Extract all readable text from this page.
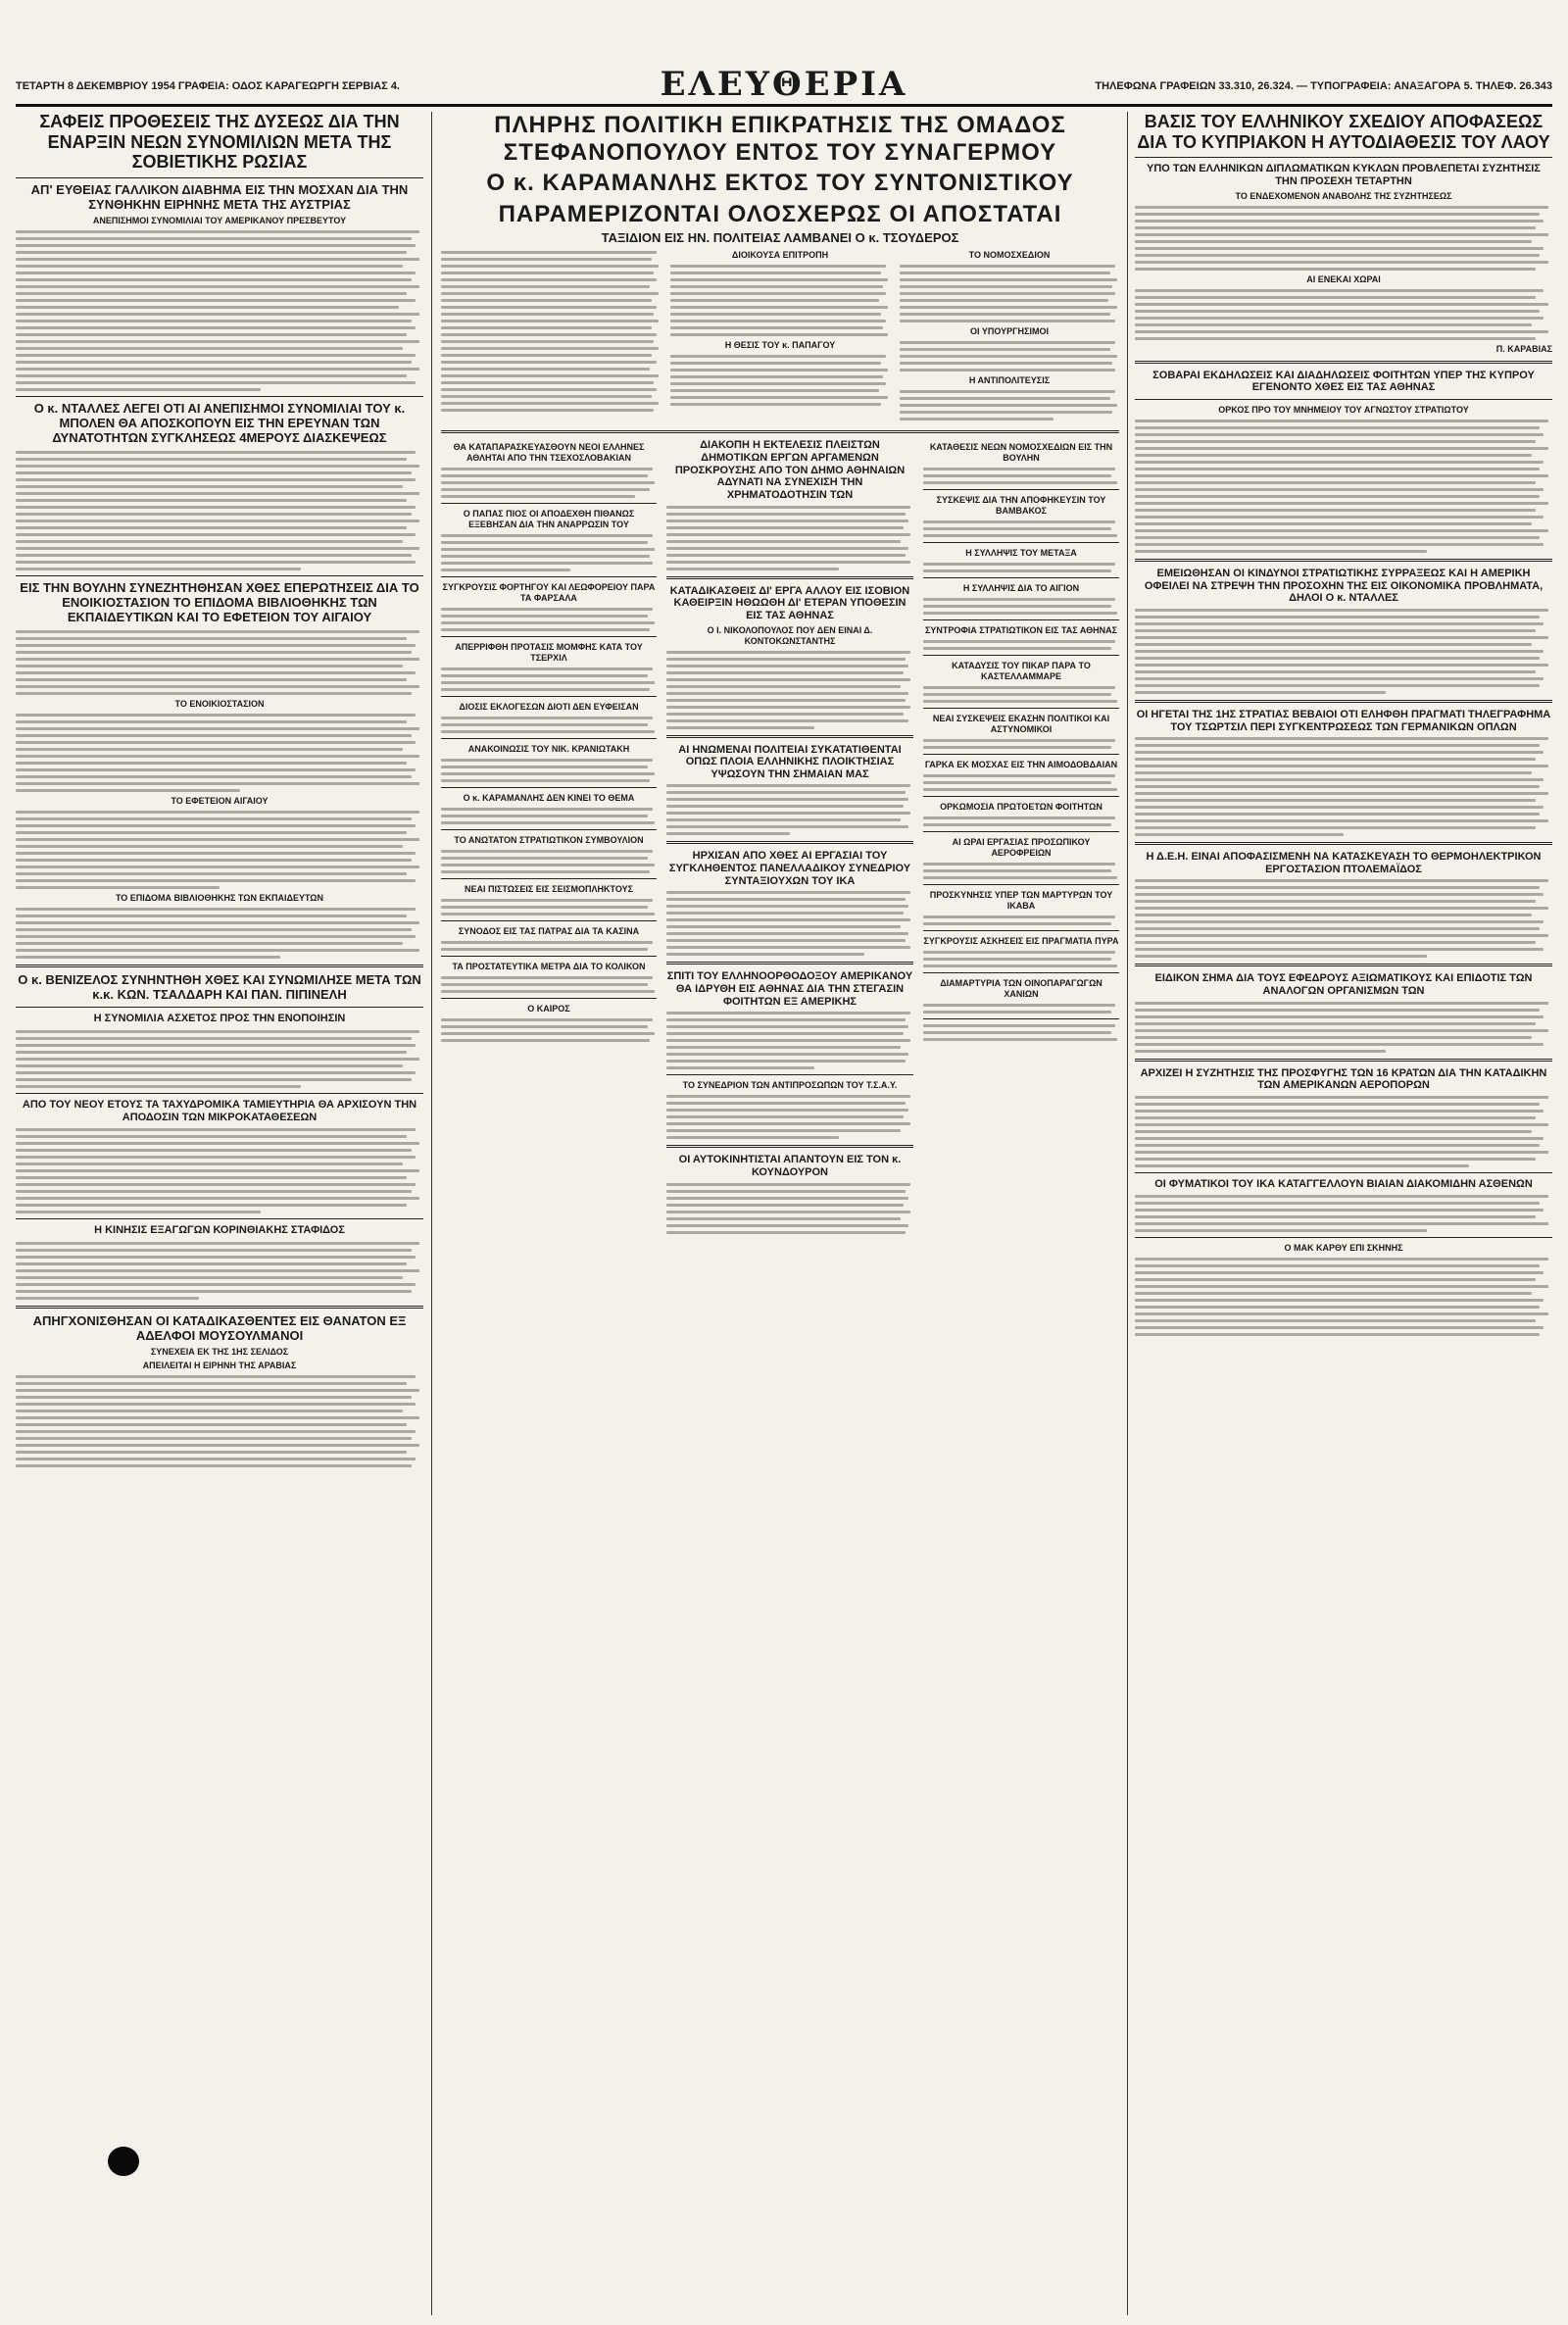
ΕΛΕΥΘΕΡΙΑ
ΤΕΤΑΡΤΗ 8 ΔΕΚΕΜΒΡΙΟΥ 1954 ΓΡΑΦΕΙΑ: ΟΔΟΣ ΚΑΡΑΓΕΩΡΓΗ ΣΕΡΒΙΑΣ 4.	ΤΗΛΕΦΩΝΑ ΓΡΑΦΕΙΩΝ 33.310, 26.324. — ΤΥΠΟΓΡΑΦΕΙΑ: ΑΝΑΞΑΓΟΡΑ 5. ΤΗΛΕΦ. 26.343
ΣΑΦΕΙΣ ΠΡΟΘΕΣΕΙΣ ΤΗΣ ΔΥΣΕΩΣ ΔΙΑ ΤΗΝ ΕΝΑΡΞΙΝ ΝΕΩΝ ΣΥΝΟΜΙΛΙΩΝ ΜΕΤΑ ΤΗΣ ΣΟΒΙΕΤΙΚΗΣ ΡΩΣΙΑΣ
ΑΠ' ΕΥΘΕΙΑΣ ΓΑΛΛΙΚΟΝ ΔΙΑΒΗΜΑ ΕΙΣ ΤΗΝ ΜΟΣΧΑΝ ΔΙΑ ΤΗΝ ΣΥΝΘΗΚΗΝ ΕΙΡΗΝΗΣ ΜΕΤΑ ΤΗΣ ΑΥΣΤΡΙΑΣ
ΑΝΕΠΙΣΗΜΟΙ ΣΥΝΟΜΙΛΙΑΙ ΤΟΥ ΑΜΕΡΙΚΑΝΟΥ ΠΡΕΣΒΕΥΤΟΥ
Ο κ. ΝΤΑΛΛΕΣ ΛΕΓΕΙ ΟΤΙ ΑΙ ΑΝΕΠΙΣΗΜΟΙ ΣΥΝΟΜΙΛΙΑΙ ΤΟΥ κ. ΜΠΟΛΕΝ ΘΑ ΑΠΟΣΚΟΠΟΥΝ ΕΙΣ ΤΗΝ ΕΡΕΥΝΑΝ ΤΩΝ ΔΥΝΑΤΟΤΗΤΩΝ ΣΥΓΚΛΗΣΕΩΣ 4ΜΕΡΟΥΣ ΔΙΑΣΚΕΨΕΩΣ
ΕΙΣ ΤΗΝ ΒΟΥΛΗΝ ΣΥΝΕΖΗΤΗΘΗΣΑΝ ΧΘΕΣ ΕΠΕΡΩΤΗΣΕΙΣ ΔΙΑ ΤΟ ΕΝΟΙΚΙΟΣΤΑΣΙΟΝ ΤΟ ΕΠΙΔΟΜΑ ΒΙΒΛΙΟΘΗΚΗΣ ΤΩΝ ΕΚΠΑΙΔΕΥΤΙΚΩΝ ΚΑΙ ΤΟ ΕΦΕΤΕΙΟΝ ΤΟΥ ΑΙΓΑΙΟΥ
ΤΟ ΕΝΟΙΚΙΟΣΤΑΣΙΟΝ
ΤΟ ΕΦΕΤΕΙΟΝ ΑΙΓΑΙΟΥ
ΤΟ ΕΠΙΔΟΜΑ ΒΙΒΛΙΟΘΗΚΗΣ ΤΩΝ ΕΚΠΑΙΔΕΥΤΩΝ
Ο κ. ΒΕΝΙΖΕΛΟΣ ΣΥΝΗΝΤΗΘΗ ΧΘΕΣ ΚΑΙ ΣΥΝΩΜΙΛΗΣΕ ΜΕΤΑ ΤΩΝ κ.κ. ΚΩΝ. ΤΣΑΛΔΑΡΗ ΚΑΙ ΠΑΝ. ΠΙΠΙΝΕΛΗ
Η ΣΥΝΟΜΙΛΙΑ ΑΣΧΕΤΟΣ ΠΡΟΣ ΤΗΝ ΕΝΟΠΟΙΗΣΙΝ
ΑΠΟ ΤΟΥ ΝΕΟΥ ΕΤΟΥΣ ΤΑ ΤΑΧΥΔΡΟΜΙΚΑ ΤΑΜΙΕΥΤΗΡΙΑ ΘΑ ΑΡΧΙΣΟΥΝ ΤΗΝ ΑΠΟΔΟΣΙΝ ΤΩΝ ΜΙΚΡΟΚΑΤΑΘΕΣΕΩΝ
Η ΚΙΝΗΣΙΣ ΕΞΑΓΩΓΩΝ ΚΟΡΙΝΘΙΑΚΗΣ ΣΤΑΦΙΔΟΣ
ΑΠΗΓΧΟΝΙΣΘΗΣΑΝ ΟΙ ΚΑΤΑΔΙΚΑΣΘΕΝΤΕΣ ΕΙΣ ΘΑΝΑΤΟΝ ΕΞ ΑΔΕΛΦΟΙ ΜΟΥΣΟΥΛΜΑΝΟΙ
ΣΥΝΕΧΕΙΑ ΕΚ ΤΗΣ 1ΗΣ ΣΕΛΙΔΟΣ
ΑΠΕΙΛΕΙΤΑΙ Η ΕΙΡΗΝΗ ΤΗΣ ΑΡΑΒΙΑΣ
ΠΛΗΡΗΣ ΠΟΛΙΤΙΚΗ ΕΠΙΚΡΑΤΗΣΙΣ ΤΗΣ ΟΜΑΔΟΣ ΣΤΕΦΑΝΟΠΟΥΛΟΥ ΕΝΤΟΣ ΤΟΥ ΣΥΝΑΓΕΡΜΟΥ
Ο κ. ΚΑΡΑΜΑΝΛΗΣ ΕΚΤΟΣ ΤΟΥ ΣΥΝΤΟΝΙΣΤΙΚΟΥ
ΠΑΡΑΜΕΡΙΖΟΝΤΑΙ ΟΛΟΣΧΕΡΩΣ ΟΙ ΑΠΟΣΤΑΤΑΙ
ΤΑΞΙΔΙΟΝ ΕΙΣ ΗΝ. ΠΟΛΙΤΕΙΑΣ ΛΑΜΒΑΝΕΙ Ο κ. ΤΣΟΥΔΕΡΟΣ
ΔΙΟΙΚΟΥΣΑ ΕΠΙΤΡΟΠΗ
Η ΘΕΣΙΣ ΤΟΥ κ. ΠΑΠΑΓΟΥ
ΤΟ ΝΟΜΟΣΧΕΔΙΟΝ
ΟΙ ΥΠΟΥΡΓΗΣΙΜΟΙ
Η ΑΝΤΙΠΟΛΙΤΕΥΣΙΣ
ΘΑ ΚΑΤΑΠΑΡΑΣΚΕΥΑΣΘΟΥΝ ΝΕΟΙ ΕΛΛΗΝΕΣ ΑΘΛΗΤΑΙ ΑΠΟ ΤΗΝ ΤΣΕΧΟΣΛΟΒΑΚΙΑΝ
Ο ΠΑΠΑΣ ΠΙΟΣ ΟΙ ΑΠΟΔΕΧΘΗ ΠΙΘΑΝΩΣ ΕΞΕΒΗΣΑΝ ΔΙΑ ΤΗΝ ΑΝΑΡΡΩΣΙΝ ΤΟΥ
ΣΥΓΚΡΟΥΣΙΣ ΦΟΡΤΗΓΟΥ ΚΑΙ ΛΕΩΦΟΡΕΙΟΥ ΠΑΡΑ ΤΑ ΦΑΡΣΑΛΑ
ΑΠΕΡΡΙΦΘΗ ΠΡΟΤΑΣΙΣ ΜΟΜΦΗΣ ΚΑΤΑ ΤΟΥ ΤΣΕΡΧΙΛ
ΔΙΟΣΙΣ ΕΚΛΟΓΕΣΩΝ ΔΙΟΤΙ ΔΕΝ ΕΥΦΕΙΣΑΝ
ΑΝΑΚΟΙΝΩΣΙΣ ΤΟΥ ΝΙΚ. ΚΡΑΝΙΩΤΑΚΗ
Ο κ. ΚΑΡΑΜΑΝΛΗΣ ΔΕΝ ΚΙΝΕΙ ΤΟ ΘΕΜΑ
ΤΟ ΑΝΩΤΑΤΟΝ ΣΤΡΑΤΙΩΤΙΚΟΝ ΣΥΜΒΟΥΛΙΟΝ
ΝΕΑΙ ΠΙΣΤΩΣΕΙΣ ΕΙΣ ΣΕΙΣΜΟΠΛΗΚΤΟΥΣ
ΣΥΝΟΔΟΣ ΕΙΣ ΤΑΣ ΠΑΤΡΑΣ ΔΙΑ ΤΑ ΚΑΣΙΝΑ
ΤΑ ΠΡΟΣΤΑΤΕΥΤΙΚΑ ΜΕΤΡΑ ΔΙΑ ΤΟ ΚΟΛΙΚΟΝ
Ο ΚΑΙΡΟΣ
ΔΙΑΚΟΠΗ Η ΕΚΤΕΛΕΣΙΣ ΠΛΕΙΣΤΩΝ ΔΗΜΟΤΙΚΩΝ ΕΡΓΩΝ ΑΡΓΑΜΕΝΩΝ ΠΡΟΣΚΡΟΥΣΗΣ ΑΠΟ ΤΟΝ ΔΗΜΟ ΑΘΗΝΑΙΩΝ ΑΔΥΝΑΤΙ ΝΑ ΣΥΝΕΧΙΣΗ ΤΗΝ ΧΡΗΜΑΤΟΔΟΤΗΣΙΝ ΤΩΝ
ΚΑΤΑΔΙΚΑΣΘΕΙΣ ΔΙ' ΕΡΓΑ ΑΛΛΟΥ ΕΙΣ ΙΣΟΒΙΟΝ ΚΑΘΕΙΡΞΙΝ ΗΘΩΩΘΗ ΔΙ' ΕΤΕΡΑΝ ΥΠΟΘΕΣΙΝ ΕΙΣ ΤΑΣ ΑΘΗΝΑΣ
Ο Ι. ΝΙΚΟΛΟΠΟΥΛΟΣ ΠΟΥ ΔΕΝ ΕΙΝΑΙ Δ. ΚΟΝΤΟΚΩΝΣΤΑΝΤΗΣ
ΑΙ ΗΝΩΜΕΝΑΙ ΠΟΛΙΤΕΙΑΙ ΣΥΚΑΤΑΤΙΘΕΝΤΑΙ ΟΠΩΣ ΠΛΟΙΑ ΕΛΛΗΝΙΚΗΣ ΠΛΟΙΚΤΗΣΙΑΣ ΥΨΩΣΟΥΝ ΤΗΝ ΣΗΜΑΙΑΝ ΜΑΣ
ΗΡΧΙΣΑΝ ΑΠΟ ΧΘΕΣ ΑΙ ΕΡΓΑΣΙΑΙ ΤΟΥ ΣΥΓΚΛΗΘΕΝΤΟΣ ΠΑΝΕΛΛΑΔΙΚΟΥ ΣΥΝΕΔΡΙΟΥ ΣΥΝΤΑΞΙΟΥΧΩΝ ΤΟΥ ΙΚΑ
ΣΠΙΤΙ ΤΟΥ ΕΛΛΗΝΟΟΡΘΟΔΟΞΟΥ ΑΜΕΡΙΚΑΝΟΥ ΘΑ ΙΔΡΥΘΗ ΕΙΣ ΑΘΗΝΑΣ ΔΙΑ ΤΗΝ ΣΤΕΓΑΣΙΝ ΦΟΙΤΗΤΩΝ ΕΞ ΑΜΕΡΙΚΗΣ
ΤΟ ΣΥΝΕΔΡΙΟΝ ΤΩΝ ΑΝΤΙΠΡΟΣΩΠΩΝ ΤΟΥ Τ.Σ.Α.Υ.
ΟΙ ΑΥΤΟΚΙΝΗΤΙΣΤΑΙ ΑΠΑΝΤΟΥΝ ΕΙΣ ΤΟΝ κ. ΚΟΥΝΔΟΥΡΟΝ
ΚΑΤΑΘΕΣΙΣ ΝΕΩΝ ΝΟΜΟΣΧΕΔΙΩΝ ΕΙΣ ΤΗΝ ΒΟΥΛΗΝ
ΣΥΣΚΕΨΙΣ ΔΙΑ ΤΗΝ ΑΠΟΦΗΚΕΥΣΙΝ ΤΟΥ ΒΑΜΒΑΚΟΣ
Η ΣΥΛΛΗΨΙΣ ΤΟΥ ΜΕΤΑΞΑ
Η ΣΥΛΛΗΨΙΣ ΔΙΑ ΤΟ ΑΙΓΙΟΝ
ΣΥΝΤΡΟΦΙΑ ΣΤΡΑΤΙΩΤΙΚΟΝ ΕΙΣ ΤΑΣ ΑΘΗΝΑΣ
ΚΑΤΑΔΥΣΙΣ ΤΟΥ ΠΙΚΑΡ ΠΑΡΑ ΤΟ ΚΑΣΤΕΛΛΑΜΜΑΡΕ
ΝΕΑΙ ΣΥΣΚΕΨΕΙΣ ΕΚΑΣΗΝ ΠΟΛΙΤΙΚΟΙ ΚΑΙ ΑΣΤΥΝΟΜΙΚΟΙ
ΓΑΡΚΑ ΕΚ ΜΟΣΧΑΣ ΕΙΣ ΤΗΝ ΑΙΜΟΔΟΒΔΑΙΑΝ
ΟΡΚΩΜΟΣΙΑ ΠΡΩΤΟΕΤΩΝ ΦΟΙΤΗΤΩΝ
ΑΙ ΩΡΑΙ ΕΡΓΑΣΙΑΣ ΠΡΟΣΩΠΙΚΟΥ ΑΕΡΟΦΡΕΙΩΝ
ΠΡΟΣΚΥΝΗΣΙΣ ΥΠΕΡ ΤΩΝ ΜΑΡΤΥΡΩΝ ΤΟΥ ΙΚΑΒΑ
ΣΥΓΚΡΟΥΣΙΣ ΑΣΚΗΣΕΙΣ ΕΙΣ ΠΡΑΓΜΑΤΙΑ ΠΥΡΑ
ΔΙΑΜΑΡΤΥΡΙΑ ΤΩΝ ΟΙΝΟΠΑΡΑΓΩΓΩΝ ΧΑΝΙΩΝ
ΒΑΣΙΣ ΤΟΥ ΕΛΛΗΝΙΚΟΥ ΣΧΕΔΙΟΥ ΑΠΟΦΑΣΕΩΣ ΔΙΑ ΤΟ ΚΥΠΡΙΑΚΟΝ Η ΑΥΤΟΔΙΑΘΕΣΙΣ ΤΟΥ ΛΑΟΥ
ΥΠΟ ΤΩΝ ΕΛΛΗΝΙΚΩΝ ΔΙΠΛΩΜΑΤΙΚΩΝ ΚΥΚΛΩΝ ΠΡΟΒΛΕΠΕΤΑΙ ΣΥΖΗΤΗΣΙΣ ΤΗΝ ΠΡΟΣΕΧΗ ΤΕΤΑΡΤΗΝ
ΤΟ ΕΝΔΕΧΟΜΕΝΟΝ ΑΝΑΒΟΛΗΣ ΤΗΣ ΣΥΖΗΤΗΣΕΩΣ
ΑΙ ΕΝΕΚΑΙ ΧΩΡΑΙ
Π. ΚΑΡΑΒΙΑΣ
ΣΟΒΑΡΑΙ ΕΚΔΗΛΩΣΕΙΣ ΚΑΙ ΔΙΑΔΗΛΩΣΕΙΣ ΦΟΙΤΗΤΩΝ ΥΠΕΡ ΤΗΣ ΚΥΠΡΟΥ ΕΓΕΝΟΝΤΟ ΧΘΕΣ ΕΙΣ ΤΑΣ ΑΘΗΝΑΣ
ΟΡΚΟΣ ΠΡΟ ΤΟΥ ΜΝΗΜΕΙΟΥ ΤΟΥ ΑΓΝΩΣΤΟΥ ΣΤΡΑΤΙΩΤΟΥ
ΕΜΕΙΩΘΗΣΑΝ ΟΙ ΚΙΝΔΥΝΟΙ ΣΤΡΑΤΙΩΤΙΚΗΣ ΣΥΡΡΑΞΕΩΣ ΚΑΙ Η ΑΜΕΡΙΚΗ ΟΦΕΙΛΕΙ ΝΑ ΣΤΡΕΨΗ ΤΗΝ ΠΡΟΣΟΧΗΝ ΤΗΣ ΕΙΣ ΟΙΚΟΝΟΜΙΚΑ ΠΡΟΒΛΗΜΑΤΑ, ΔΗΛΟΙ Ο κ. ΝΤΑΛΛΕΣ
ΟΙ ΗΓΕΤΑΙ ΤΗΣ 1ΗΣ ΣΤΡΑΤΙΑΣ ΒΕΒΑΙΟΙ ΟΤΙ ΕΛΗΦΘΗ ΠΡΑΓΜΑΤΙ ΤΗΛΕΓΡΑΦΗΜΑ ΤΟΥ ΤΣΩΡΤΣΙΛ ΠΕΡΙ ΣΥΓΚΕΝΤΡΩΣΕΩΣ ΤΩΝ ΓΕΡΜΑΝΙΚΩΝ ΟΠΛΩΝ
Η Δ.Ε.Η. ΕΙΝΑΙ ΑΠΟΦΑΣΙΣΜΕΝΗ ΝΑ ΚΑΤΑΣΚΕΥΑΣΗ ΤΟ ΘΕΡΜΟΗΛΕΚΤΡΙΚΟΝ ΕΡΓΟΣΤΑΣΙΟΝ ΠΤΟΛΕΜΑΪΔΟΣ
ΕΙΔΙΚΟΝ ΣΗΜΑ ΔΙΑ ΤΟΥΣ ΕΦΕΔΡΟΥΣ ΑΞΙΩΜΑΤΙΚΟΥΣ ΚΑΙ ΕΠΙΔΟΤΙΣ ΤΩΝ ΑΝΑΛΟΓΩΝ ΟΡΓΑΝΙΣΜΩΝ ΤΩΝ
ΑΡΧΙΖΕΙ Η ΣΥΖΗΤΗΣΙΣ ΤΗΣ ΠΡΟΣΦΥΓΗΣ ΤΩΝ 16 ΚΡΑΤΩΝ ΔΙΑ ΤΗΝ ΚΑΤΑΔΙΚΗΝ ΤΩΝ ΑΜΕΡΙΚΑΝΩΝ ΑΕΡΟΠΟΡΩΝ
ΟΙ ΦΥΜΑΤΙΚΟΙ ΤΟΥ ΙΚΑ ΚΑΤΑΓΓΕΛΛΟΥΝ ΒΙΑΙΑΝ ΔΙΑΚΟΜΙΔΗΝ ΑΣΘΕΝΩΝ
Ο ΜΑΚ ΚΑΡΘΥ ΕΠΙ ΣΚΗΝΗΣ
